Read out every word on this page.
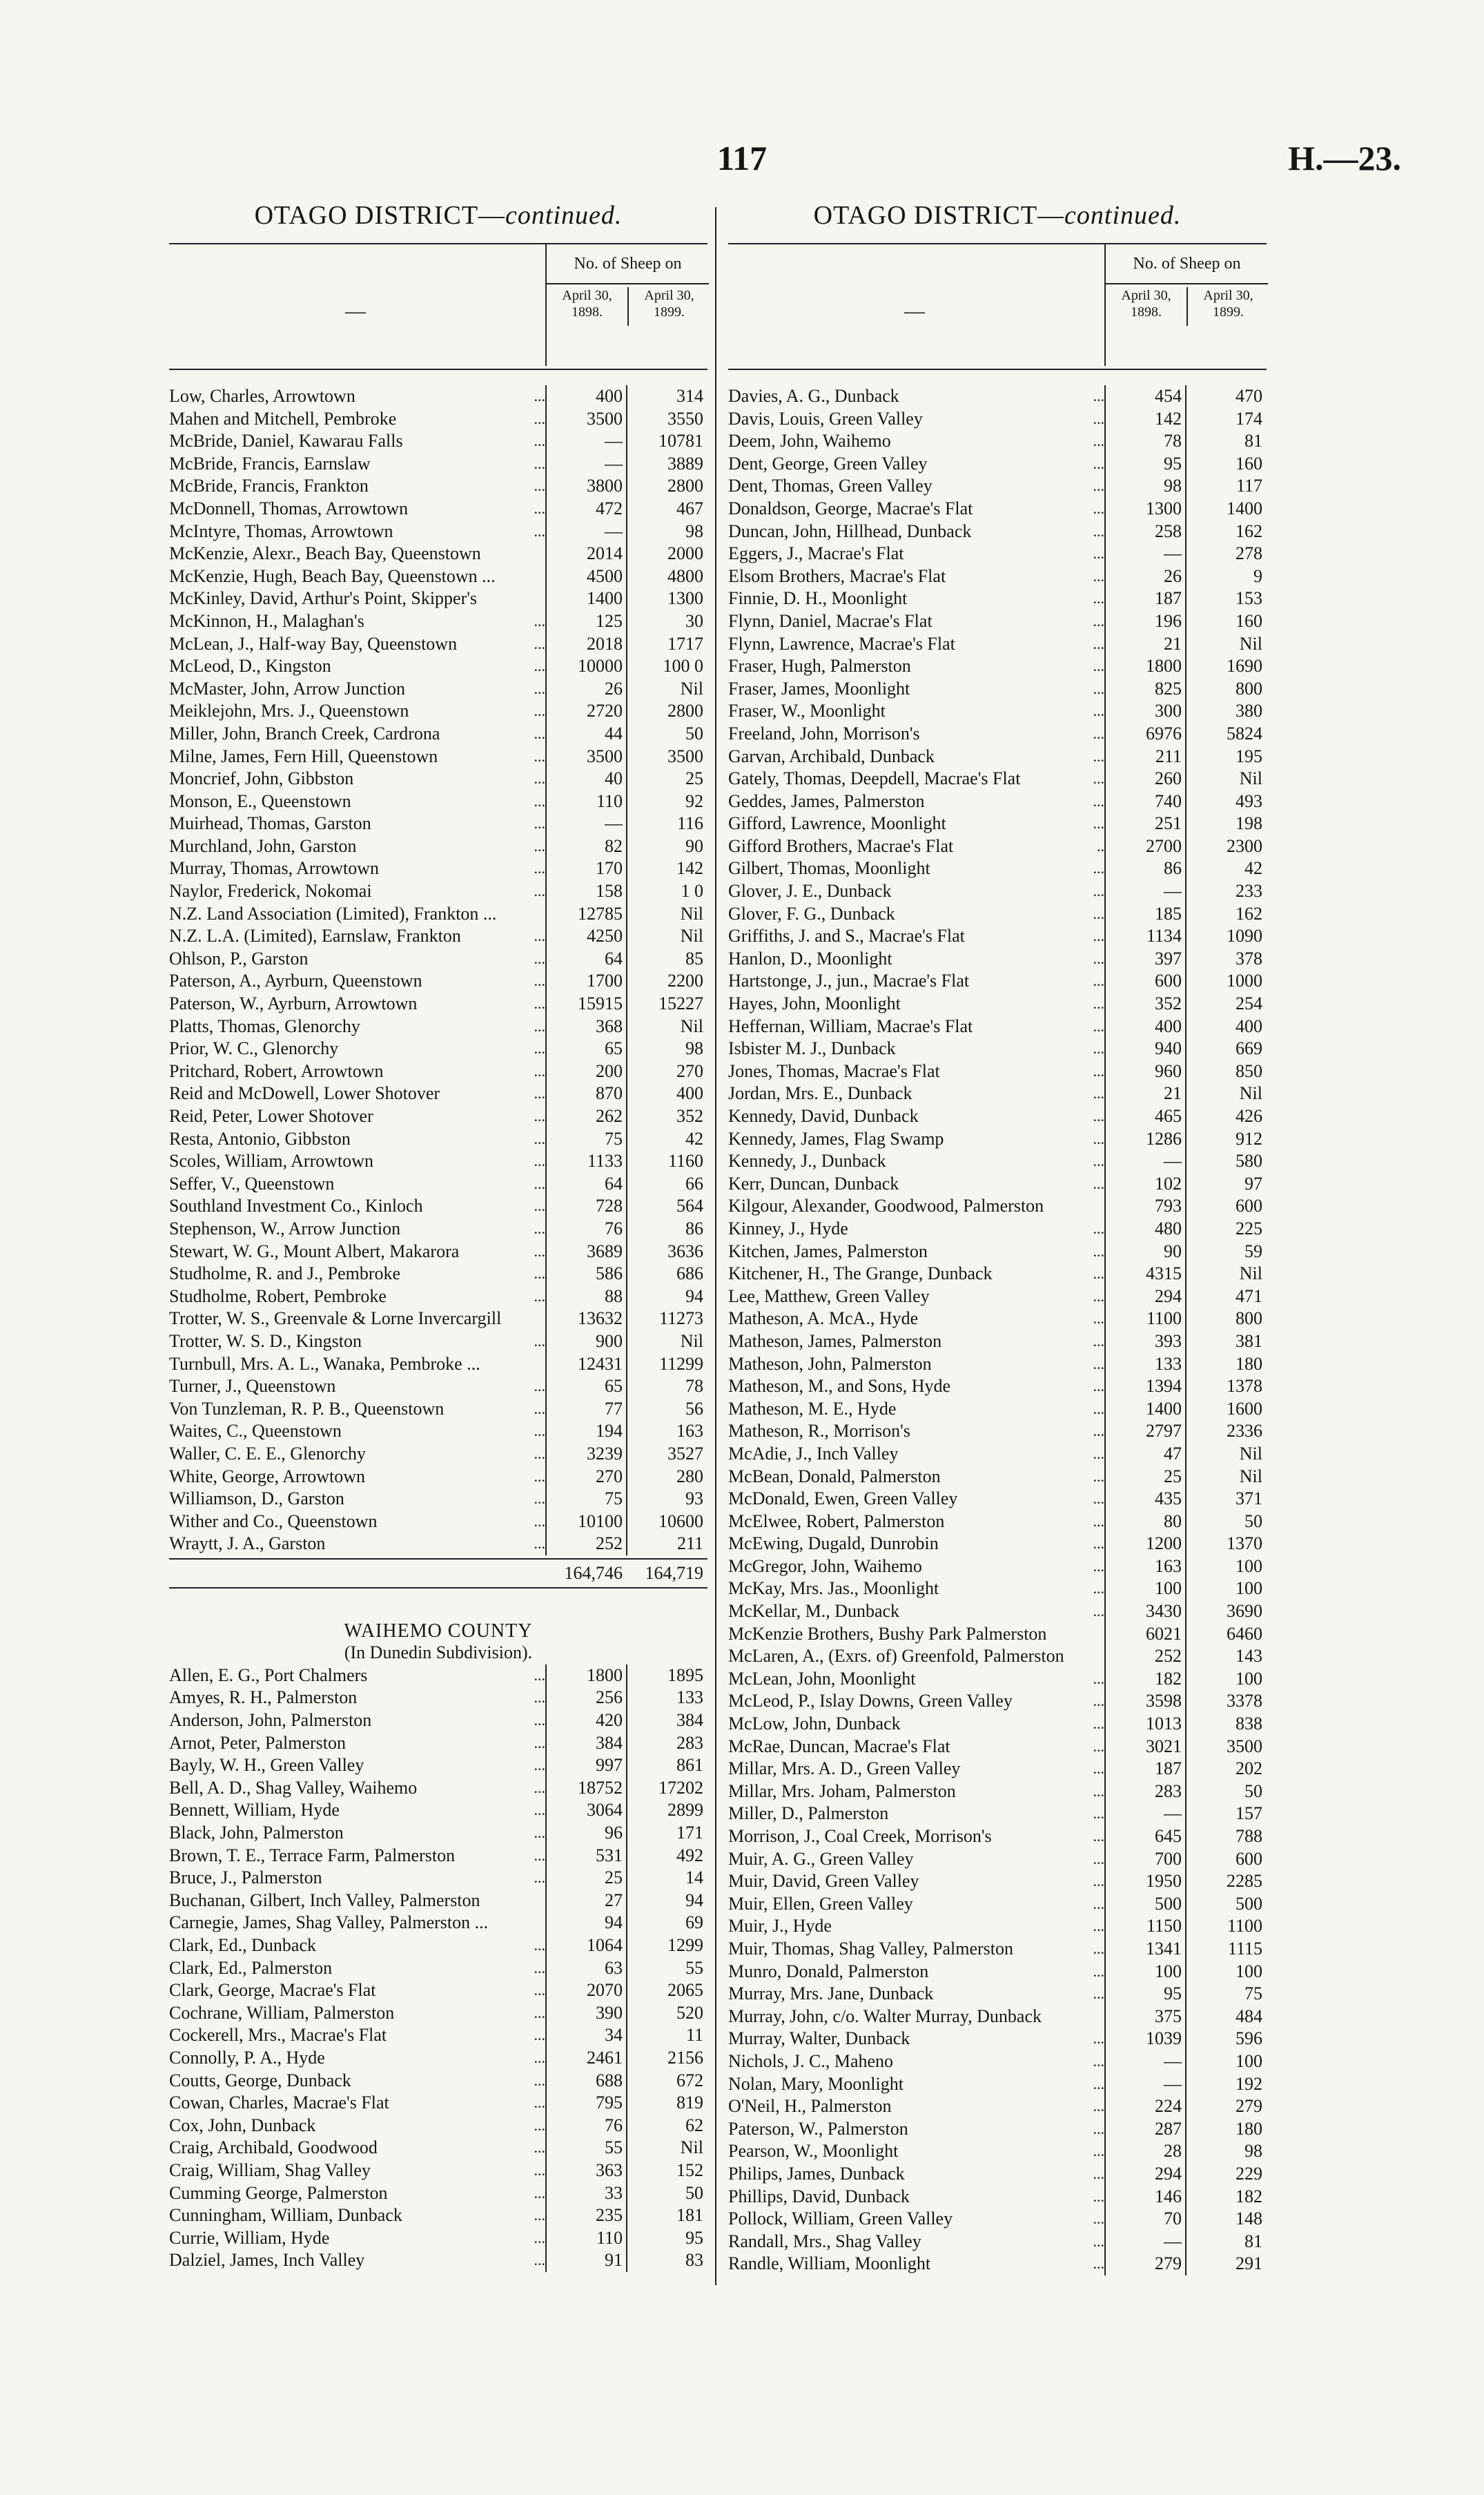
117	H.—23.
OTAGO DISTRICT—continued.
—
No. of Sheep on
April 30, 1898.
April 30, 1899.
Low, Charles, Arrowtown	...	400	314
Mahen and Mitchell, Pembroke	...	3500	3550
McBride, Daniel, Kawarau Falls	...	—	10781
McBride, Francis, Earnslaw	...	—	3889
McBride, Francis, Frankton	...	3800	2800
McDonnell, Thomas, Arrowtown	...	472	467
McIntyre, Thomas, Arrowtown	...	—	98
McKenzie, Alexr., Beach Bay, Queenstown	2014	2000
McKenzie, Hugh, Beach Bay, Queenstown ...	4500	4800
McKinley, David, Arthur's Point, Skipper's	1400	1300
McKinnon, H., Malaghan's	...	125	30
McLean, J., Half-way Bay, Queenstown	...	2018	1717
McLeod, D., Kingston	...	10000	100 0
McMaster, John, Arrow Junction	...	26	Nil
Meiklejohn, Mrs. J., Queenstown	...	2720	2800
Miller, John, Branch Creek, Cardrona	...	44	50
Milne, James, Fern Hill, Queenstown	...	3500	3500
Moncrief, John, Gibbston	...	40	25
Monson, E., Queenstown	...	110	92
Muirhead, Thomas, Garston	...	—	116
Murchland, John, Garston	...	82	90
Murray, Thomas, Arrowtown	...	170	142
Naylor, Frederick, Nokomai	...	158	1 0
N.Z. Land Association (Limited), Frankton ...	12785	Nil
N.Z. L.A. (Limited), Earnslaw, Frankton	...	4250	Nil
Ohlson, P., Garston	...	64	85
Paterson, A., Ayrburn, Queenstown	...	1700	2200
Paterson, W., Ayrburn, Arrowtown	...	15915	15227
Platts, Thomas, Glenorchy	...	368	Nil
Prior, W. C., Glenorchy	...	65	98
Pritchard, Robert, Arrowtown	...	200	270
Reid and McDowell, Lower Shotover	...	870	400
Reid, Peter, Lower Shotover	...	262	352
Resta, Antonio, Gibbston	...	75	42
Scoles, William, Arrowtown	...	1133	1160
Seffer, V., Queenstown	...	64	66
Southland Investment Co., Kinloch	...	728	564
Stephenson, W., Arrow Junction	...	76	86
Stewart, W. G., Mount Albert, Makarora	...	3689	3636
Studholme, R. and J., Pembroke	...	586	686
Studholme, Robert, Pembroke	...	88	94
Trotter, W. S., Greenvale & Lorne Invercargill	13632	11273
Trotter, W. S. D., Kingston	...	900	Nil
Turnbull, Mrs. A. L., Wanaka, Pembroke ...	12431	11299
Turner, J., Queenstown	...	65	78
Von Tunzleman, R. P. B., Queenstown	...	77	56
Waites, C., Queenstown	...	194	163
Waller, C. E. E., Glenorchy	...	3239	3527
White, George, Arrowtown	...	270	280
Williamson, D., Garston	...	75	93
Wither and Co., Queenstown	...	10100	10600
Wraytt, J. A., Garston	...	252	211
164,746	164,719
WAIHEMO COUNTY
(In Dunedin Subdivision).
Allen, E. G., Port Chalmers	...	1800	1895
Amyes, R. H., Palmerston	...	256	133
Anderson, John, Palmerston	...	420	384
Arnot, Peter, Palmerston	...	384	283
Bayly, W. H., Green Valley	...	997	861
Bell, A. D., Shag Valley, Waihemo	...	18752	17202
Bennett, William, Hyde	...	3064	2899
Black, John, Palmerston	...	96	171
Brown, T. E., Terrace Farm, Palmerston	...	531	492
Bruce, J., Palmerston	...	25	14
Buchanan, Gilbert, Inch Valley, Palmerston	27	94
Carnegie, James, Shag Valley, Palmerston ...	94	69
Clark, Ed., Dunback	...	1064	1299
Clark, Ed., Palmerston	...	63	55
Clark, George, Macrae's Flat	...	2070	2065
Cochrane, William, Palmerston	...	390	520
Cockerell, Mrs., Macrae's Flat	...	34	11
Connolly, P. A., Hyde	...	2461	2156
Coutts, George, Dunback	...	688	672
Cowan, Charles, Macrae's Flat	...	795	819
Cox, John, Dunback	...	76	62
Craig, Archibald, Goodwood	...	55	Nil
Craig, William, Shag Valley	...	363	152
Cumming George, Palmerston	...	33	50
Cunningham, William, Dunback	...	235	181
Currie, William, Hyde	...	110	95
Dalziel, James, Inch Valley	...	91	83
OTAGO DISTRICT—continued.
—
No. of Sheep on
April 30, 1898.
April 30, 1899.
Davies, A. G., Dunback	...	454	470
Davis, Louis, Green Valley	...	142	174
Deem, John, Waihemo	...	78	81
Dent, George, Green Valley	...	95	160
Dent, Thomas, Green Valley	...	98	117
Donaldson, George, Macrae's Flat	...	1300	1400
Duncan, John, Hillhead, Dunback	...	258	162
Eggers, J., Macrae's Flat	...	—	278
Elsom Brothers, Macrae's Flat	...	26	9
Finnie, D. H., Moonlight	...	187	153
Flynn, Daniel, Macrae's Flat	...	196	160
Flynn, Lawrence, Macrae's Flat	...	21	Nil
Fraser, Hugh, Palmerston	...	1800	1690
Fraser, James, Moonlight	...	825	800
Fraser, W., Moonlight	...	300	380
Freeland, John, Morrison's	...	6976	5824
Garvan, Archibald, Dunback	...	211	195
Gately, Thomas, Deepdell, Macrae's Flat	...	260	Nil
Geddes, James, Palmerston	...	740	493
Gifford, Lawrence, Moonlight	...	251	198
Gifford Brothers, Macrae's Flat	..	2700	2300
Gilbert, Thomas, Moonlight	...	86	42
Glover, J. E., Dunback	...	—	233
Glover, F. G., Dunback	...	185	162
Griffiths, J. and S., Macrae's Flat	...	1134	1090
Hanlon, D., Moonlight	...	397	378
Hartstonge, J., jun., Macrae's Flat	...	600	1000
Hayes, John, Moonlight	...	352	254
Heffernan, William, Macrae's Flat	...	400	400
Isbister M. J., Dunback	...	940	669
Jones, Thomas, Macrae's Flat	...	960	850
Jordan, Mrs. E., Dunback	...	21	Nil
Kennedy, David, Dunback	...	465	426
Kennedy, James, Flag Swamp	...	1286	912
Kennedy, J., Dunback	...	—	580
Kerr, Duncan, Dunback	...	102	97
Kilgour, Alexander, Goodwood, Palmerston	793	600
Kinney, J., Hyde	...	480	225
Kitchen, James, Palmerston	...	90	59
Kitchener, H., The Grange, Dunback	...	4315	Nil
Lee, Matthew, Green Valley	...	294	471
Matheson, A. McA., Hyde	...	1100	800
Matheson, James, Palmerston	...	393	381
Matheson, John, Palmerston	...	133	180
Matheson, M., and Sons, Hyde	...	1394	1378
Matheson, M. E., Hyde	...	1400	1600
Matheson, R., Morrison's	...	2797	2336
McAdie, J., Inch Valley	...	47	Nil
McBean, Donald, Palmerston	...	25	Nil
McDonald, Ewen, Green Valley	...	435	371
McElwee, Robert, Palmerston	...	80	50
McEwing, Dugald, Dunrobin	...	1200	1370
McGregor, John, Waihemo	...	163	100
McKay, Mrs. Jas., Moonlight	...	100	100
McKellar, M., Dunback	...	3430	3690
McKenzie Brothers, Bushy Park Palmerston	6021	6460
McLaren, A., (Exrs. of) Greenfold, Palmerston	252	143
McLean, John, Moonlight	...	182	100
McLeod, P., Islay Downs, Green Valley	...	3598	3378
McLow, John, Dunback	...	1013	838
McRae, Duncan, Macrae's Flat	...	3021	3500
Millar, Mrs. A. D., Green Valley	...	187	202
Millar, Mrs. Joham, Palmerston	...	283	50
Miller, D., Palmerston	...	—	157
Morrison, J., Coal Creek, Morrison's	...	645	788
Muir, A. G., Green Valley	...	700	600
Muir, David, Green Valley	...	1950	2285
Muir, Ellen, Green Valley	...	500	500
Muir, J., Hyde	...	1150	1100
Muir, Thomas, Shag Valley, Palmerston	...	1341	1115
Munro, Donald, Palmerston	...	100	100
Murray, Mrs. Jane, Dunback	...	95	75
Murray, John, c/o. Walter Murray, Dunback	375	484
Murray, Walter, Dunback	...	1039	596
Nichols, J. C., Maheno	...	—	100
Nolan, Mary, Moonlight	...	—	192
O'Neil, H., Palmerston	...	224	279
Paterson, W., Palmerston	...	287	180
Pearson, W., Moonlight	...	28	98
Philips, James, Dunback	...	294	229
Phillips, David, Dunback	...	146	182
Pollock, William, Green Valley	...	70	148
Randall, Mrs., Shag Valley	...	—	81
Randle, William, Moonlight	...	279	291
